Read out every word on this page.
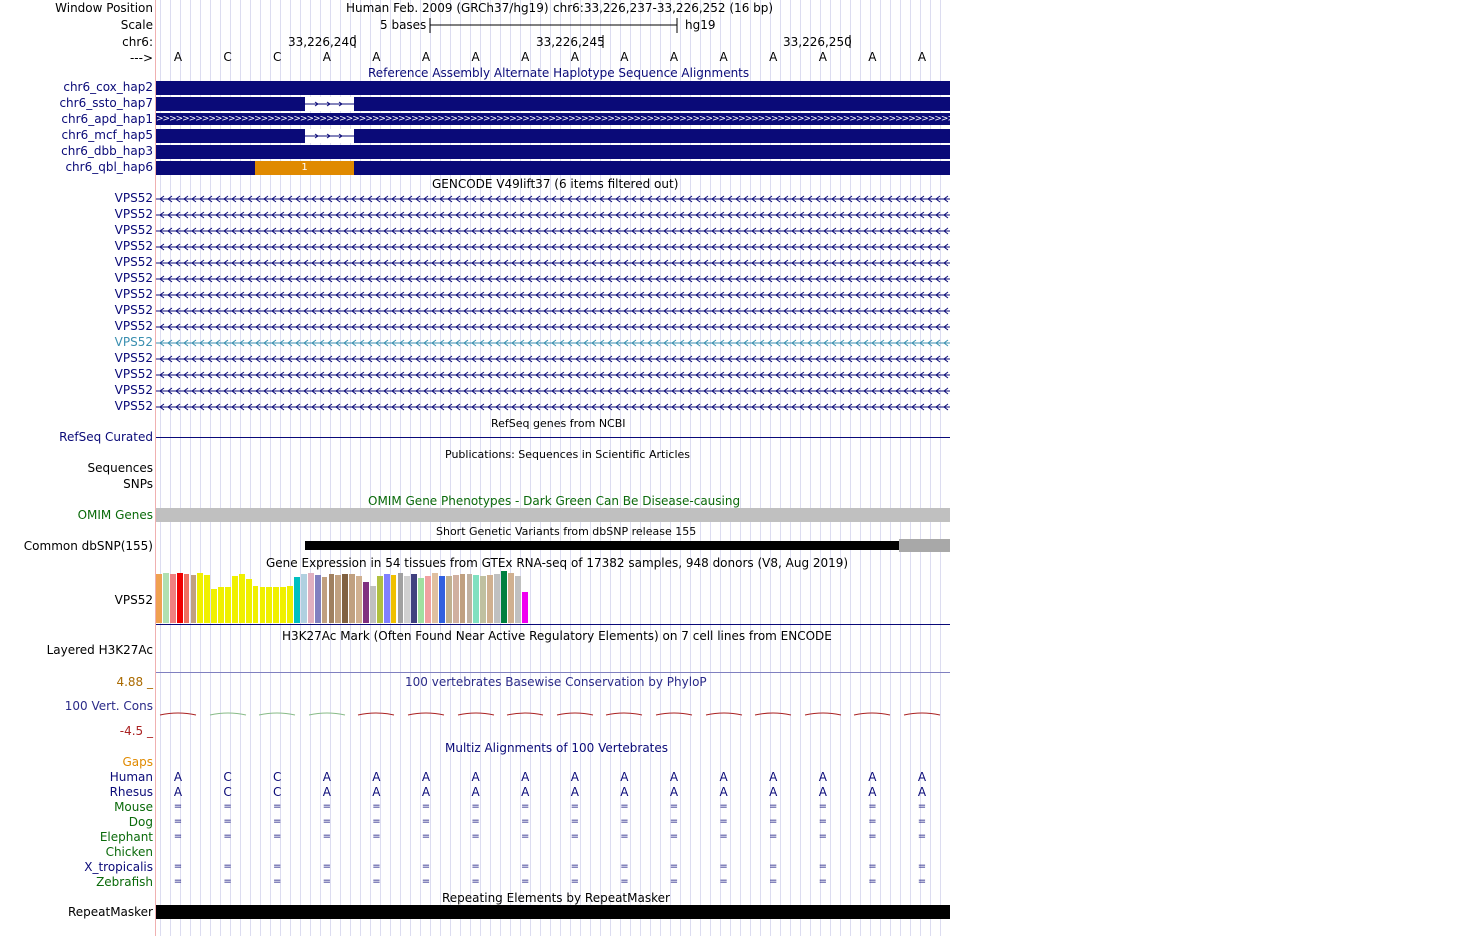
Window Position	Human Feb. 2009 (GRCh37/hg19) chr6:33,226,237-33,226,252 (16 bp)
Scale	5 bases	hg19
chr6:	33,226,240	33,226,245	33,226,250
--->	A	C	C	A	A	A	A	A	A	A	A	A	A	A	A	A
Reference Assembly Alternate Haplotype Sequence Alignments
chr6_cox_hap2
chr6_ssto_hap7
chr6_apd_hap1 >>>>>>>>>>>>>>>>>>>>>>>>>>>>>>>>>>>>>>>>>>>>>>>>>>>>>>>>>>>>>>>>>>>>>>>>>>>>>>>>>>>>>>>>>>>>>>>>>>>>>>>>>>>>>>>>>>>>>>>>>>>>>>>>>>>>>>>>>>>>>>>>>>>>>>>>>>>>>>>>>>>>>>>>>>>>>>>>>>>>>>>>>>>>>>>>>>>>>>>>
chr6_mcf_hap5
chr6_dbb_hap3
chr6_qbl_hap6	1
GENCODE V49lift37 (6 items filtered out)
VPS52
VPS52
VPS52
VPS52
VPS52
VPS52
VPS52
VPS52
VPS52
VPS52
VPS52
VPS52
VPS52
VPS52
RefSeq genes from NCBI
RefSeq Curated
Publications: Sequences in Scientific Articles
Sequences
SNPs
OMIM Gene Phenotypes - Dark Green Can Be Disease-causing
OMIM Genes
Short Genetic Variants from dbSNP release 155
Common dbSNP(155)
Gene Expression in 54 tissues from GTEx RNA-seq of 17382 samples, 948 donors (V8, Aug 2019)
VPS52
H3K27Ac Mark (Often Found Near Active Regulatory Elements) on 7 cell lines from ENCODE
Layered H3K27Ac
100 vertebrates Basewise Conservation by PhyloP
4.88 _
100 Vert. Cons
-4.5 _
Multiz Alignments of 100 Vertebrates
Gaps
Human	A	C	C	A	A	A	A	A	A	A	A	A	A	A	A	A
Rhesus	A	C	C	A	A	A	A	A	A	A	A	A	A	A	A	A
Mouse	=	=	=	=	=	=	=	=	=	=	=	=	=	=	=	=
Dog	=	=	=	=	=	=	=	=	=	=	=	=	=	=	=	=
Elephant	=	=	=	=	=	=	=	=	=	=	=	=	=	=	=	=
Chicken
X_tropicalis	=	=	=	=	=	=	=	=	=	=	=	=	=	=	=	=
Zebrafish	=	=	=	=	=	=	=	=	=	=	=	=	=	=	=	=
Repeating Elements by RepeatMasker
RepeatMasker
